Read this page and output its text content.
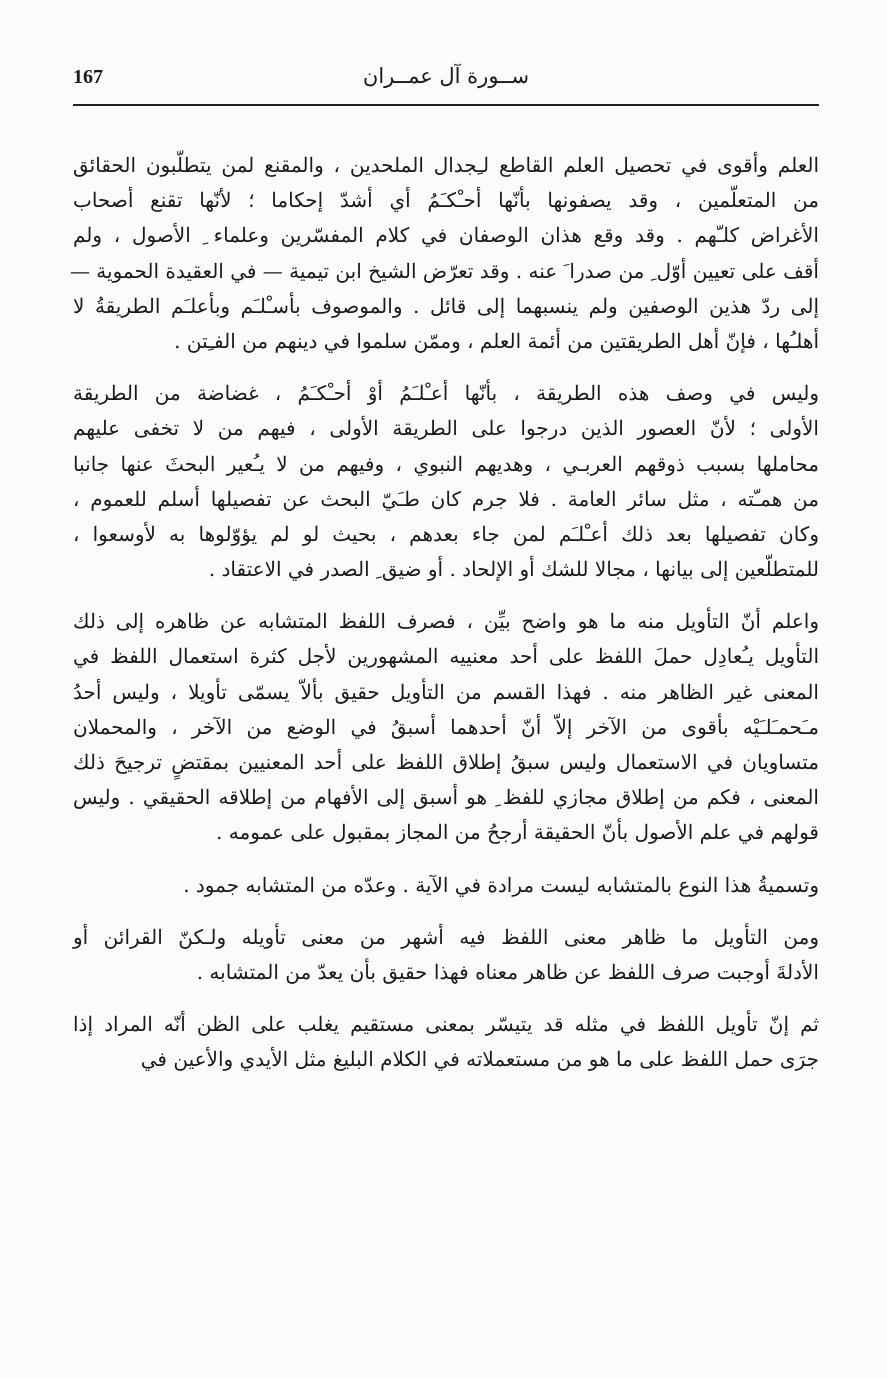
167	ســورة آل عمــران
العلم وأقوى في تحصيل العلم القاطع لـِجدال الملحدين ، والمقنع لمن يتطلّبون الحقائق
من المتعلّمين ، وقد يصفونها بأنّها أحـْكـَمُ أي أشدّ إحكاما ؛ لأنّها تقنع أصحاب
الأغراض كلـّهم . وقد وقع هذان الوصفان في كلام المفسّرين وعلماء ِ الأصول ، ولم
أقف على تعيين أوّل ِ من صدرا َ عنه . وقد تعرّض الشيخ ابن تيمية — في العقيدة الحموية —
إلى ردّ هذين الوصفين ولم ينسبهما إلى قائل . والموصوف بأسـْلـَم وبأعلـَم الطريقةُ لا
أهلـُها ، فإنّ أهل الطريقتين من أئمة العلم ، وممّن سلموا في دينهم من الفـِتن .
وليس في وصف هذه الطريقة ، بأنّها أعـْلـَمُ أوْ أحـْكـَمُ ، غضاضة من الطريقة
الأولى ؛ لأنّ العصور الذين درجوا على الطريقة الأولى ، فيهم من لا تخفى عليهم
محاملها بسبب ذوقهم العربـي ، وهديهم النبوي ، وفيهم من لا يـُعير البحثَ عنها جانبا
من همـّته ، مثل سائر العامة . فلا جرم كان طـَيّ البحث عن تفصيلها أسلم للعموم ،
وكان تفصيلها بعد ذلك أعـْلـَم لمن جاء بعدهم ، بحيث لو لم يؤوّلوها به لأوسعوا ،
للمتطلّعين إلى بيانها ، مجالا للشك أو الإلحاد . أو ضيق ِ الصدر في الاعتقاد .
واعلم أنّ التأويل منه ما هو واضح بيِّن ، فصرف اللفظ المتشابه عن ظاهره إلى ذلك
التأويل يـُعادِل حملَ اللفظ على أحد معنييه المشهورين لأجل كثرة استعمال اللفظ في
المعنى غير الظاهر منه . فهذا القسم من التأويل حقيق بألاّ يسمّى تأويلا ، وليس أحدُ
مـَحمـَلـَيْه بأقوى من الآخر إلاّ أنّ أحدهما أسبقُ في الوضع من الآخر ، والمحملان
متساويان في الاستعمال وليس سبقُ إطلاق اللفظ على أحد المعنيين بمقتضٍ ترجيحَ ذلك
المعنى ، فكم من إطلاق مجازي للفظ ِ هو أسبق إلى الأفهام من إطلاقه الحقيقي . وليس
قولهم في علم الأصول بأنّ الحقيقة أرجحُ من المجاز بمقبول على عمومه .
وتسميةُ هذا النوع بالمتشابه ليست مرادة في الآية . وعدّه من المتشابه جمود .
ومن التأويل ما ظاهر معنى اللفظ فيه أشهر من معنى تأويله ولـكنّ القرائن أو
الأدلةَ أوجبت صرف اللفظ عن ظاهر معناه فهذا حقيق بأن يعدّ من المتشابه .
ثم إنّ تأويل اللفظ في مثله قد يتيسّر بمعنى مستقيم يغلب على الظن أنّه المراد إذا
جرَى حمل اللفظ على ما هو من مستعملاته في الكلام البليغ مثل الأيدي والأعين في
